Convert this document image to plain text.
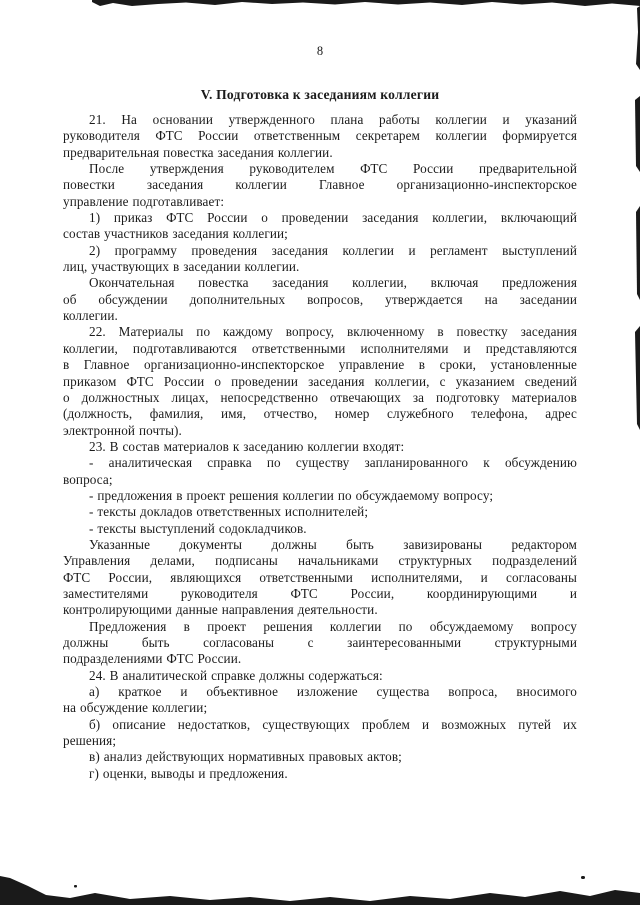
8
V. Подготовка к заседаниям коллегии
21. На основании утвержденного плана работы коллегии и указаний
руководителя ФТС России ответственным секретарем коллегии формируется
предварительная повестка заседания коллегии.
После утверждения руководителем ФТС России предварительной
повестки заседания коллегии Главное организационно-инспекторское
управление подготавливает:
1) приказ ФТС России о проведении заседания коллегии, включающий
состав участников заседания коллегии;
2) программу проведения заседания коллегии и регламент выступлений
лиц, участвующих в заседании коллегии.
Окончательная повестка заседания коллегии, включая предложения
об обсуждении дополнительных вопросов, утверждается на заседании
коллегии.
22. Материалы по каждому вопросу, включенному в повестку заседания
коллегии, подготавливаются ответственными исполнителями и представляются
в Главное организационно-инспекторское управление в сроки, установленные
приказом ФТС России о проведении заседания коллегии, с указанием сведений
о должностных лицах, непосредственно отвечающих за подготовку материалов
(должность, фамилия, имя, отчество, номер служебного телефона, адрес
электронной почты).
23. В состав материалов к заседанию коллегии входят:
- аналитическая справка по существу запланированного к обсуждению
вопроса;
- предложения в проект решения коллегии по обсуждаемому вопросу;
- тексты докладов ответственных исполнителей;
- тексты выступлений содокладчиков.
Указанные документы должны быть завизированы редактором
Управления делами, подписаны начальниками структурных подразделений
ФТС России, являющихся ответственными исполнителями, и согласованы
заместителями руководителя ФТС России, координирующими и
контролирующими данные направления деятельности.
Предложения в проект решения коллегии по обсуждаемому вопросу
должны быть согласованы с заинтересованными структурными
подразделениями ФТС России.
24. В аналитической справке должны содержаться:
а) краткое и объективное изложение существа вопроса, вносимого
на обсуждение коллегии;
б) описание недостатков, существующих проблем и возможных путей их
решения;
в) анализ действующих нормативных правовых актов;
г) оценки, выводы и предложения.
